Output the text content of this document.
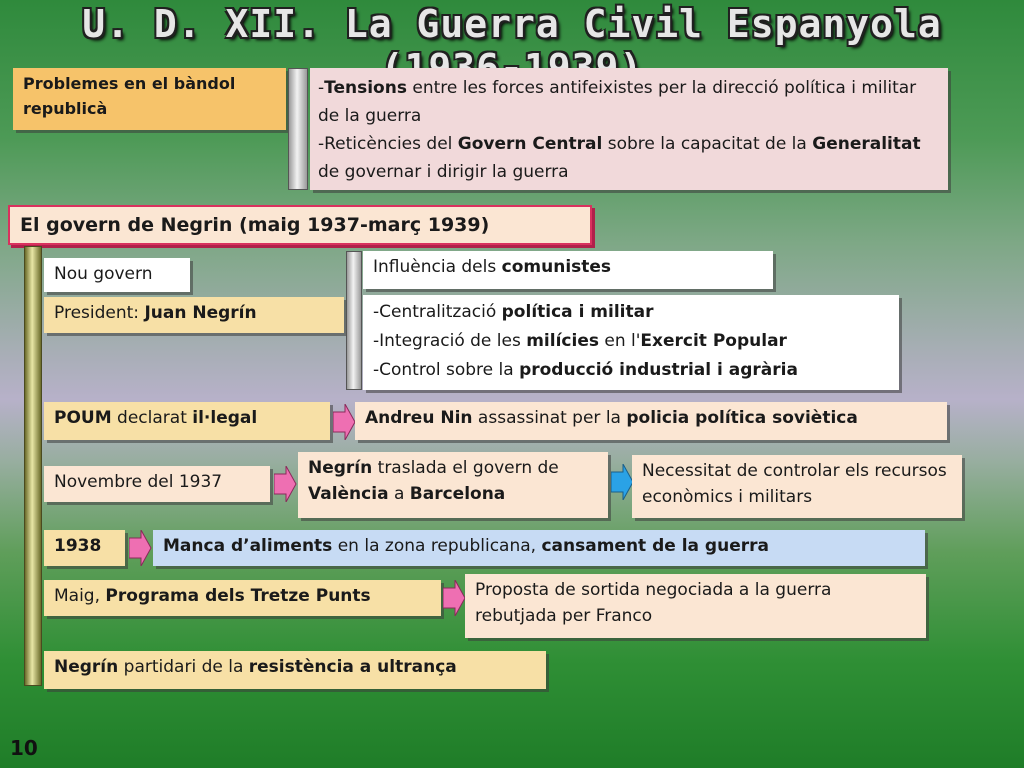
U. D. XII. La Guerra Civil Espanyola
Problemes en el bàndol republicà
-Tensions entre les forces antifeixistes per la direcció política i militar de la guerra
-Reticències del Govern Central sobre la capacitat de la Generalitat de governar i dirigir la guerra
El govern de Negrin (maig 1937-març 1939)
Nou govern
President: Juan Negrín
Influència dels comunistes
-Centralització política i militar
-Integració de les milícies en l'Exercit Popular
-Control sobre la producció industrial i agrària
POUM declarat il·legal	Andreu Nin assassinat per la policia política soviètica
Novembre del 1937
Negrín traslada el govern de València a Barcelona
Necessitat de controlar els recursos econòmics i militars
1938	Manca d’aliments en la zona republicana, cansament de la guerra
Maig, Programa dels Tretze Punts	Proposta de sortida negociada a la guerra rebutjada per Franco
Negrín partidari de la resistència a ultrança
10
